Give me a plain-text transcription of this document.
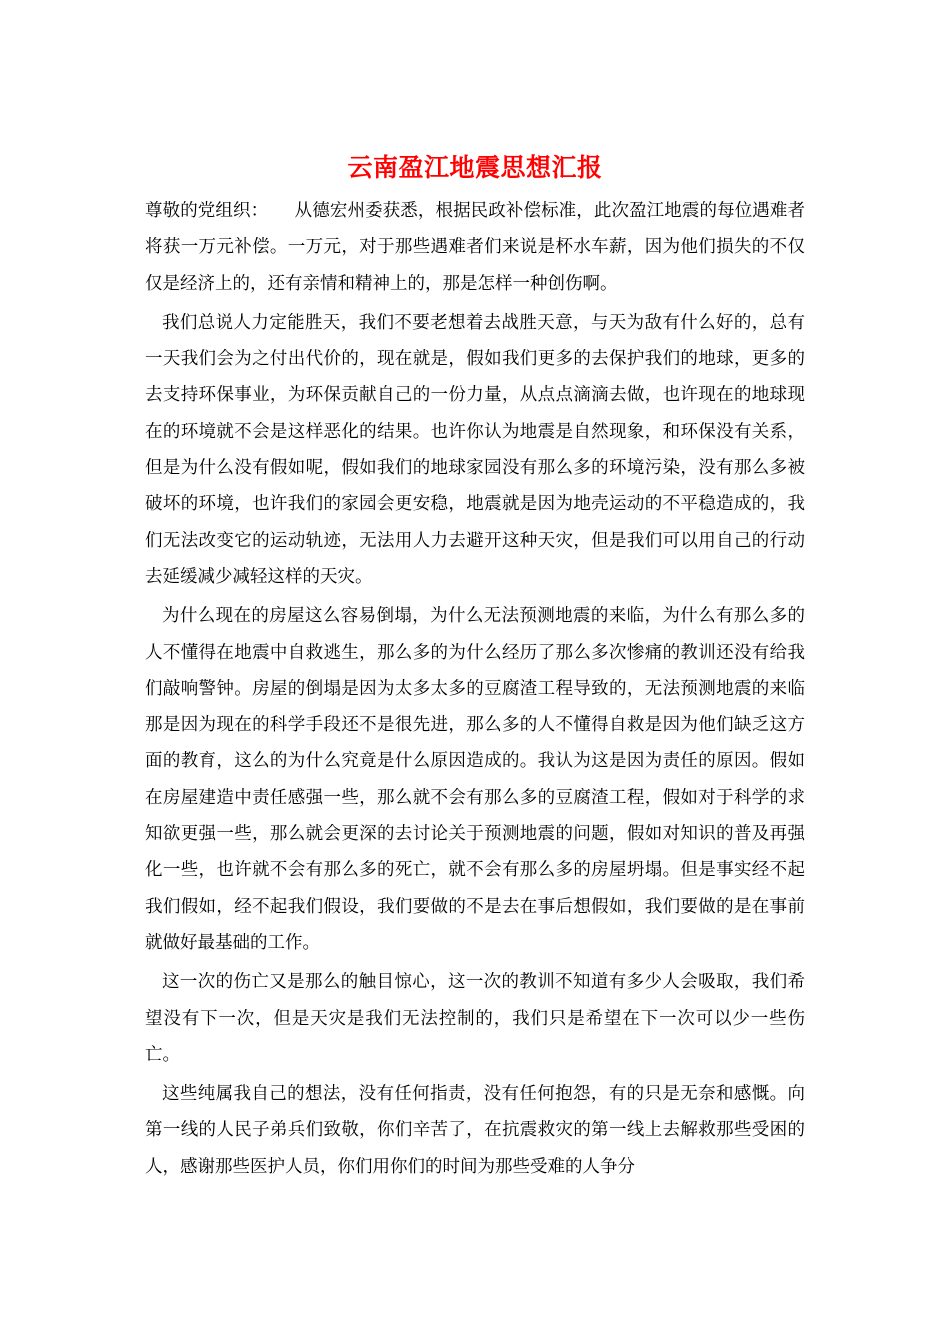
云南盈江地震思想汇报

尊敬的党组织：　　从德宏州委获悉，根据民政补偿标准，此次盈江地震的每位遇难者将获一万元补偿。一万元，对于那些遇难者们来说是杯水车薪，因为他们损失的不仅仅是经济上的，还有亲情和精神上的，那是怎样一种创伤啊。

我们总说人力定能胜天，我们不要老想着去战胜天意，与天为敌有什么好的，总有一天我们会为之付出代价的，现在就是，假如我们更多的去保护我们的地球，更多的去支持环保事业，为环保贡献自己的一份力量，从点点滴滴去做，也许现在的地球现在的环境就不会是这样恶化的结果。也许你认为地震是自然现象，和环保没有关系，但是为什么没有假如呢，假如我们的地球家园没有那么多的环境污染，没有那么多被破坏的环境，也许我们的家园会更安稳，地震就是因为地壳运动的不平稳造成的，我们无法改变它的运动轨迹，无法用人力去避开这种天灾，但是我们可以用自己的行动去延缓减少减轻这样的天灾。

为什么现在的房屋这么容易倒塌，为什么无法预测地震的来临，为什么有那么多的人不懂得在地震中自救逃生，那么多的为什么经历了那么多次惨痛的教训还没有给我们敲响警钟。房屋的倒塌是因为太多太多的豆腐渣工程导致的，无法预测地震的来临那是因为现在的科学手段还不是很先进，那么多的人不懂得自救是因为他们缺乏这方面的教育，这么的为什么究竟是什么原因造成的。我认为这是因为责任的原因。假如在房屋建造中责任感强一些，那么就不会有那么多的豆腐渣工程，假如对于科学的求知欲更强一些，那么就会更深的去讨论关于预测地震的问题，假如对知识的普及再强化一些，也许就不会有那么多的死亡，就不会有那么多的房屋坍塌。但是事实经不起我们假如，经不起我们假设，我们要做的不是去在事后想假如，我们要做的是在事前就做好最基础的工作。

这一次的伤亡又是那么的触目惊心，这一次的教训不知道有多少人会吸取，我们希望没有下一次，但是天灾是我们无法控制的，我们只是希望在下一次可以少一些伤亡。

这些纯属我自己的想法，没有任何指责，没有任何抱怨，有的只是无奈和感慨。向第一线的人民子弟兵们致敬，你们辛苦了，在抗震救灾的第一线上去解救那些受困的人，感谢那些医护人员，你们用你们的时间为那些受难的人争分
